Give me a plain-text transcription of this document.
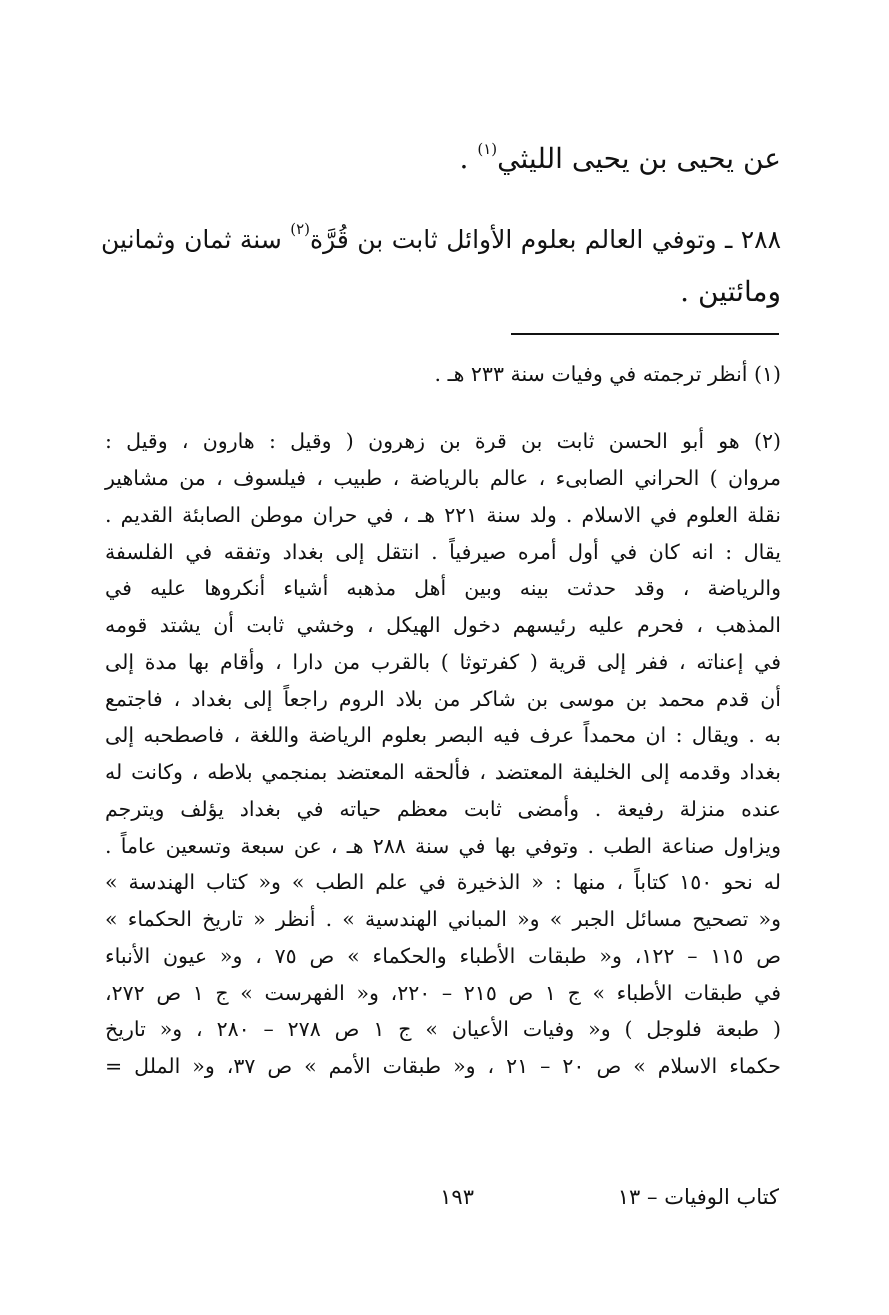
عن يحيى بن يحيى الليثي$^{(١)}$ .
٢٨٨ ـ وتوفي العالم بعلوم الأوائل ثابت بن قُرَّة$^{(٢)}$ سنة ثمان وثمانين
ومائتين .
(١) أنظر ترجمته في وفيات سنة ٢٣٣ هـ .
(٢) هو أبو الحسن ثابت بن قرة بن زهرون ( وقيل : هارون ، وقيل :
مروان ) الحراني الصابىء ، عالم بالرياضة ، طبيب ، فيلسوف ، من مشاهير
نقلة العلوم في الاسلام . ولد سنة ٢٢١ هـ ، في حران موطن الصابئة القديم .
يقال : انه كان في أول أمره صيرفياً . انتقل إلى بغداد وتفقه في الفلسفة
والرياضة ، وقد حدثت بينه وبين أهل مذهبه أشياء أنكروها عليه في
المذهب ، فحرم عليه رئيسهم دخول الهيكل ، وخشي ثابت أن يشتد قومه
في إعناته ، ففر إلى قرية ( كفرتوثا ) بالقرب من دارا ، وأقام بها مدة إلى
أن قدم محمد بن موسى بن شاكر من بلاد الروم راجعاً إلى بغداد ، فاجتمع
به . ويقال : ان محمداً عرف فيه البصر بعلوم الرياضة واللغة ، فاصطحبه إلى
بغداد وقدمه إلى الخليفة المعتضد ، فألحقه المعتضد بمنجمي بلاطه ، وكانت له
عنده منزلة رفيعة . وأمضى ثابت معظم حياته في بغداد يؤلف ويترجم
ويزاول صناعة الطب . وتوفي بها في سنة ٢٨٨ هـ ، عن سبعة وتسعين عاماً .
له نحو ١٥٠ كتاباً ، منها : « الذخيرة في علم الطب » و« كتاب الهندسة »
و« تصحيح مسائل الجبر » و« المباني الهندسية » . أنظر « تاريخ الحكماء »
ص ١١٥ – ١٢٢، و« طبقات الأطباء والحكماء » ص ٧٥ ، و« عيون الأنباء
في طبقات الأطباء » ج ١ ص ٢١٥ – ٢٢٠، و« الفهرست » ج ١ ص ٢٧٢،
( طبعة فلوجل ) و« وفيات الأعيان » ج ١ ص ٢٧٨ – ٢٨٠ ، و« تاريخ
حكماء الاسلام » ص ٢٠ – ٢١ ، و« طبقات الأمم » ص ٣٧، و« الملل =
كتاب الوفيات – ١٣
١٩٣
